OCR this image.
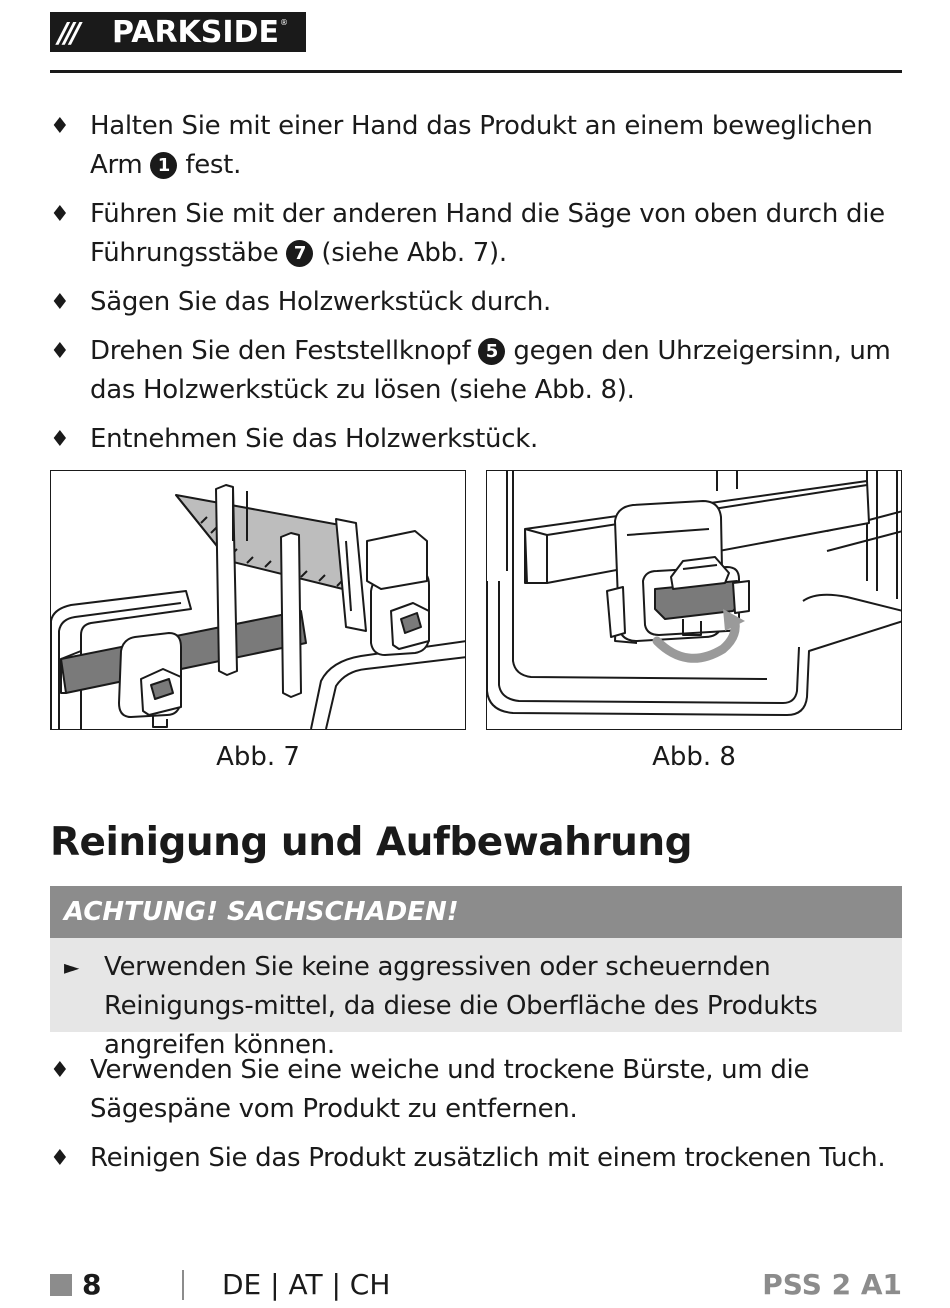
///	PARKSIDE ®
♦ Halten Sie mit einer Hand das Produkt an einem beweglichen Arm 1 fest.
♦ Führen Sie mit der anderen Hand die Säge von oben durch die Führungsstäbe 7 (siehe Abb. 7).
♦ Sägen Sie das Holzwerkstück durch.
♦ Drehen Sie den Feststellknopf 5 gegen den Uhrzeigersinn, um das Holzwerkstück zu lösen (siehe Abb. 8).
♦ Entnehmen Sie das Holzwerkstück.
Abb. 7	Abb. 8
Reinigung und Aufbewahrung
ACHTUNG! SACHSCHADEN!
► Verwenden Sie keine aggressiven oder scheuernden Reinigungs-mittel, da diese die Oberfläche des Produkts angreifen können.
♦ Verwenden Sie eine weiche und trockene Bürste, um die Sägespäne vom Produkt zu entfernen.
♦ Reinigen Sie das Produkt zusätzlich mit einem trockenen Tuch.
8	DE | AT | CH	PSS 2 A1
